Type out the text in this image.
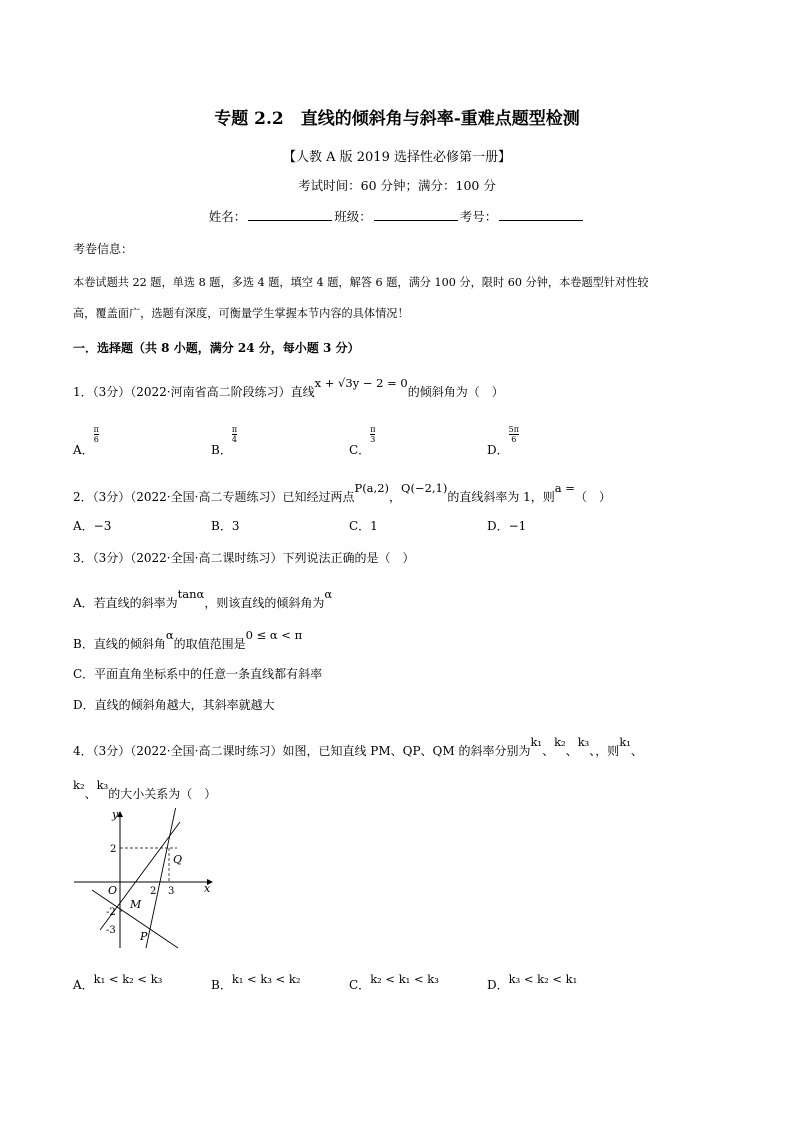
专题 2.2　直线的倾斜角与斜率-重难点题型检测
【人教 A 版 2019 选择性必修第一册】
考试时间：60 分钟；满分：100 分
姓名：	班级：	考号：
考卷信息：
本卷试题共 22 题，单选 8 题，多选 4 题，填空 4 题，解答 6 题，满分 100 分，限时 60 分钟，本卷题型针对性较
高，覆盖面广，选题有深度，可衡量学生掌握本节内容的具体情况！
一．选择题（共 8 小题，满分 24 分，每小题 3 分）
1．（3分）（2022·河南省高二阶段练习）直线x + √3y − 2 = 0的倾斜角为（　）
A．$\frac{\pi}{6}$
B．$\frac{\pi}{4}$
C．$\frac{\pi}{3}$
D．$\frac{5\pi}{6}$
2．（3分）（2022·全国·高二专题练习）已知经过两点P(a,2)，Q(−2,1)的直线斜率为 1，则a =（　）
A．−3	B．3	C．1	D．−1
3．（3分）（2022·全国·高二课时练习）下列说法正确的是（　）
A．若直线的斜率为tanα，则该直线的倾斜角为α
B．直线的倾斜角α的取值范围是0 ≤ α < π
C．平面直角坐标系中的任意一条直线都有斜率
D．直线的倾斜角越大，其斜率就越大
4．（3分）（2022·全国·高二课时练习）如图，已知直线 PM、QP、QM 的斜率分别为k₁、k₂、k₃、，则k₁、
k₂、k₃的大小关系为（　）
y
x
O
2
2 3
-2
-3
Q
M
P
A．k₁ < k₂ < k₃	B．k₁ < k₃ < k₂	C．k₂ < k₁ < k₃	D．k₃ < k₂ < k₁
